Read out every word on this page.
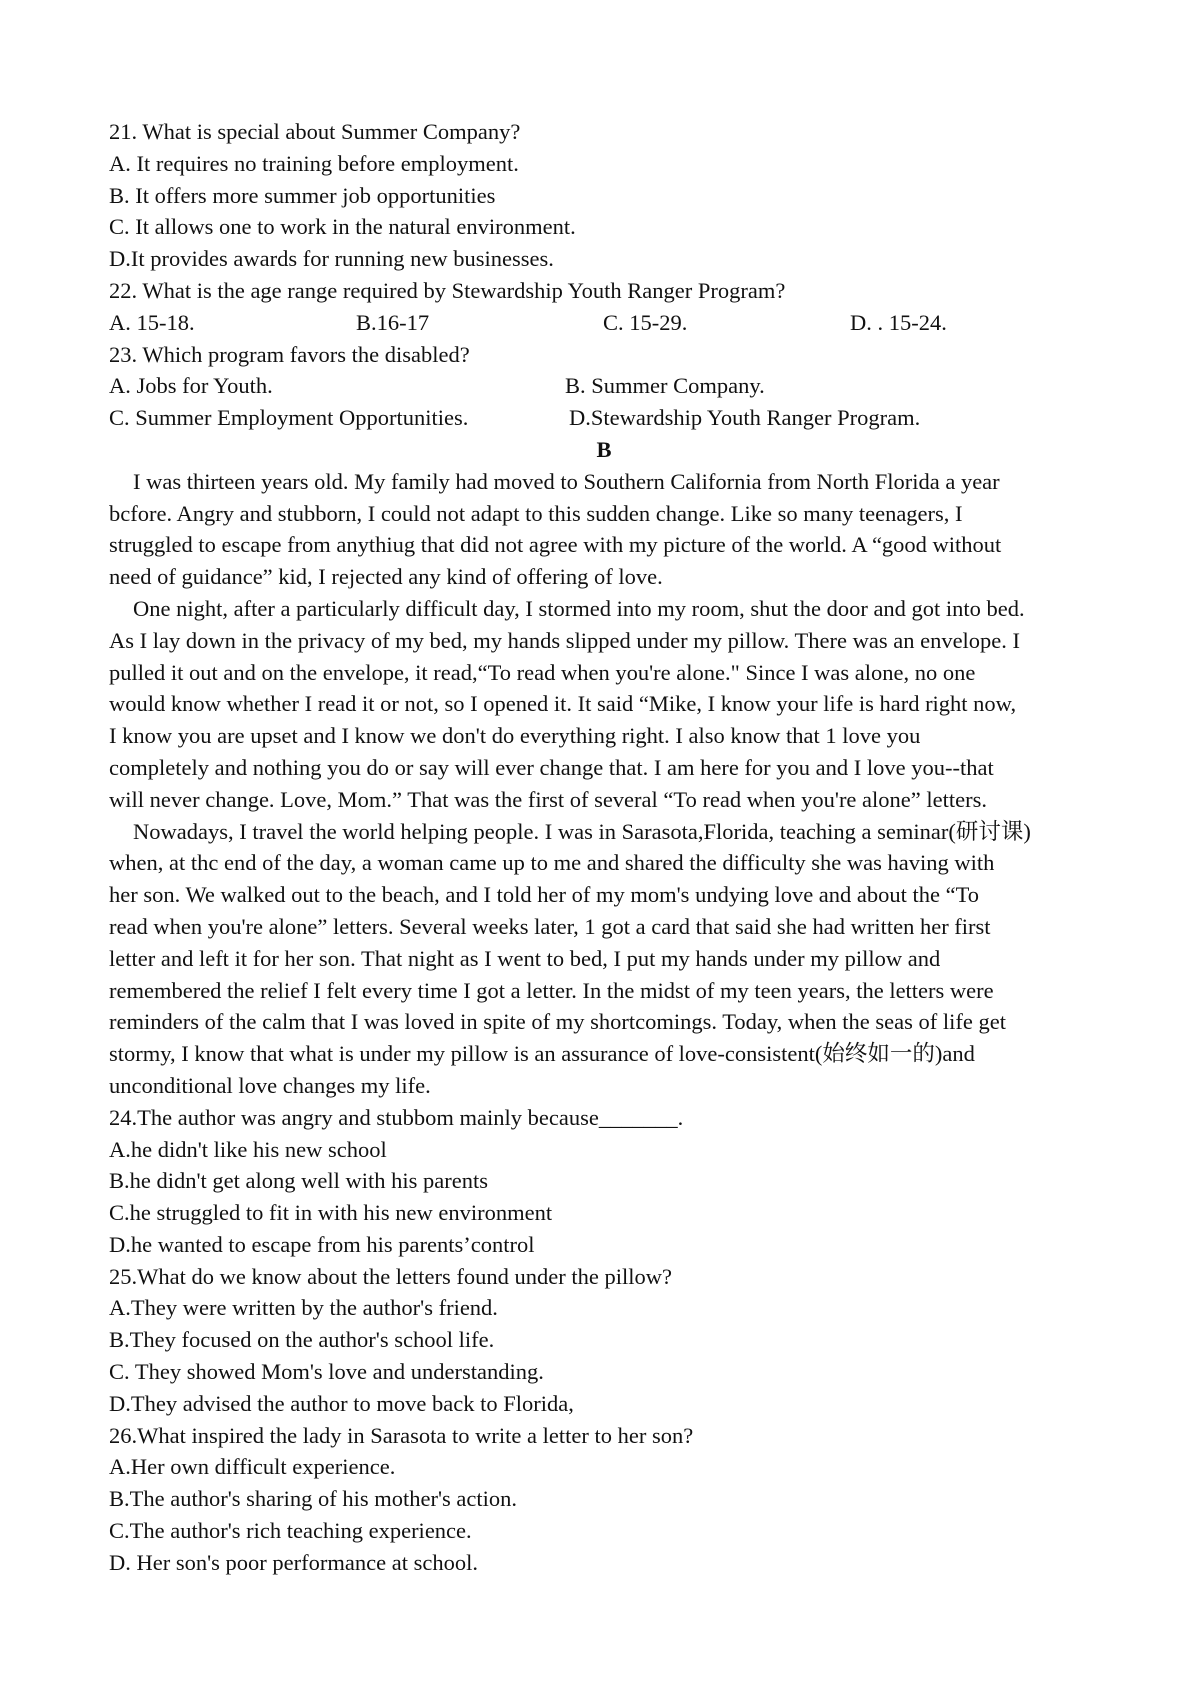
21. What is special about Summer Company?
A. It requires no training before employment.
B. It offers more summer job opportunities
C. It allows one to work in the natural environment.
D.It provides awards for running new businesses.
22. What is the age range required by Stewardship Youth Ranger Program?
A. 15-18.	B.16-17	C. 15-29.	D. . 15-24.
23. Which program favors the disabled?
A. Jobs for Youth.	B. Summer Company.
C. Summer Employment Opportunities.	D.Stewardship Youth Ranger Program.
B
I was thirteen years old. My family had moved to Southern California from North Florida a year
bcfore. Angry and stubborn, I could not adapt to this sudden change. Like so many teenagers, I
struggled to escape from anythiug that did not agree with my picture of the world. A “good without
need of guidance” kid, I rejected any kind of offering of love.
One night, after a particularly difficult day, I stormed into my room, shut the door and got into bed.
As I lay down in the privacy of my bed, my hands slipped under my pillow. There was an envelope. I
pulled it out and on the envelope, it read,“To read when you're alone." Since I was alone, no one
would know whether I read it or not, so I opened it. It said “Mike, I know your life is hard right now,
I know you are upset and I know we don't do everything right. I also know that 1 love you
completely and nothing you do or say will ever change that. I am here for you and I love you--that
will never change. Love, Mom.” That was the first of several “To read when you're alone” letters.
Nowadays, I travel the world helping people. I was in Sarasota,Florida, teaching a seminar(研讨课)
when, at thc end of the day, a woman came up to me and shared the difficulty she was having with
her son. We walked out to the beach, and I told her of my mom's undying love and about the “To
read when you're alone” letters. Several weeks later, 1 got a card that said she had written her first
letter and left it for her son. That night as I went to bed, I put my hands under my pillow and
remembered the relief I felt every time I got a letter. In the midst of my teen years, the letters were
reminders of the calm that I was loved in spite of my shortcomings. Today, when the seas of life get
stormy, I know that what is under my pillow is an assurance of love-consistent(始终如一的)and
unconditional love changes my life.
24.The author was angry and stubbom mainly because_______.
A.he didn't like his new school
B.he didn't get along well with his parents
C.he struggled to fit in with his new environment
D.he wanted to escape from his parents’control
25.What do we know about the letters found under the pillow?
A.They were written by the author's friend.
B.They focused on the author's school life.
C. They showed Mom's love and understanding.
D.They advised the author to move back to Florida,
26.What inspired the lady in Sarasota to write a letter to her son?
A.Her own difficult experience.
B.The author's sharing of his mother's action.
C.The author's rich teaching experience.
D. Her son's poor performance at school.
